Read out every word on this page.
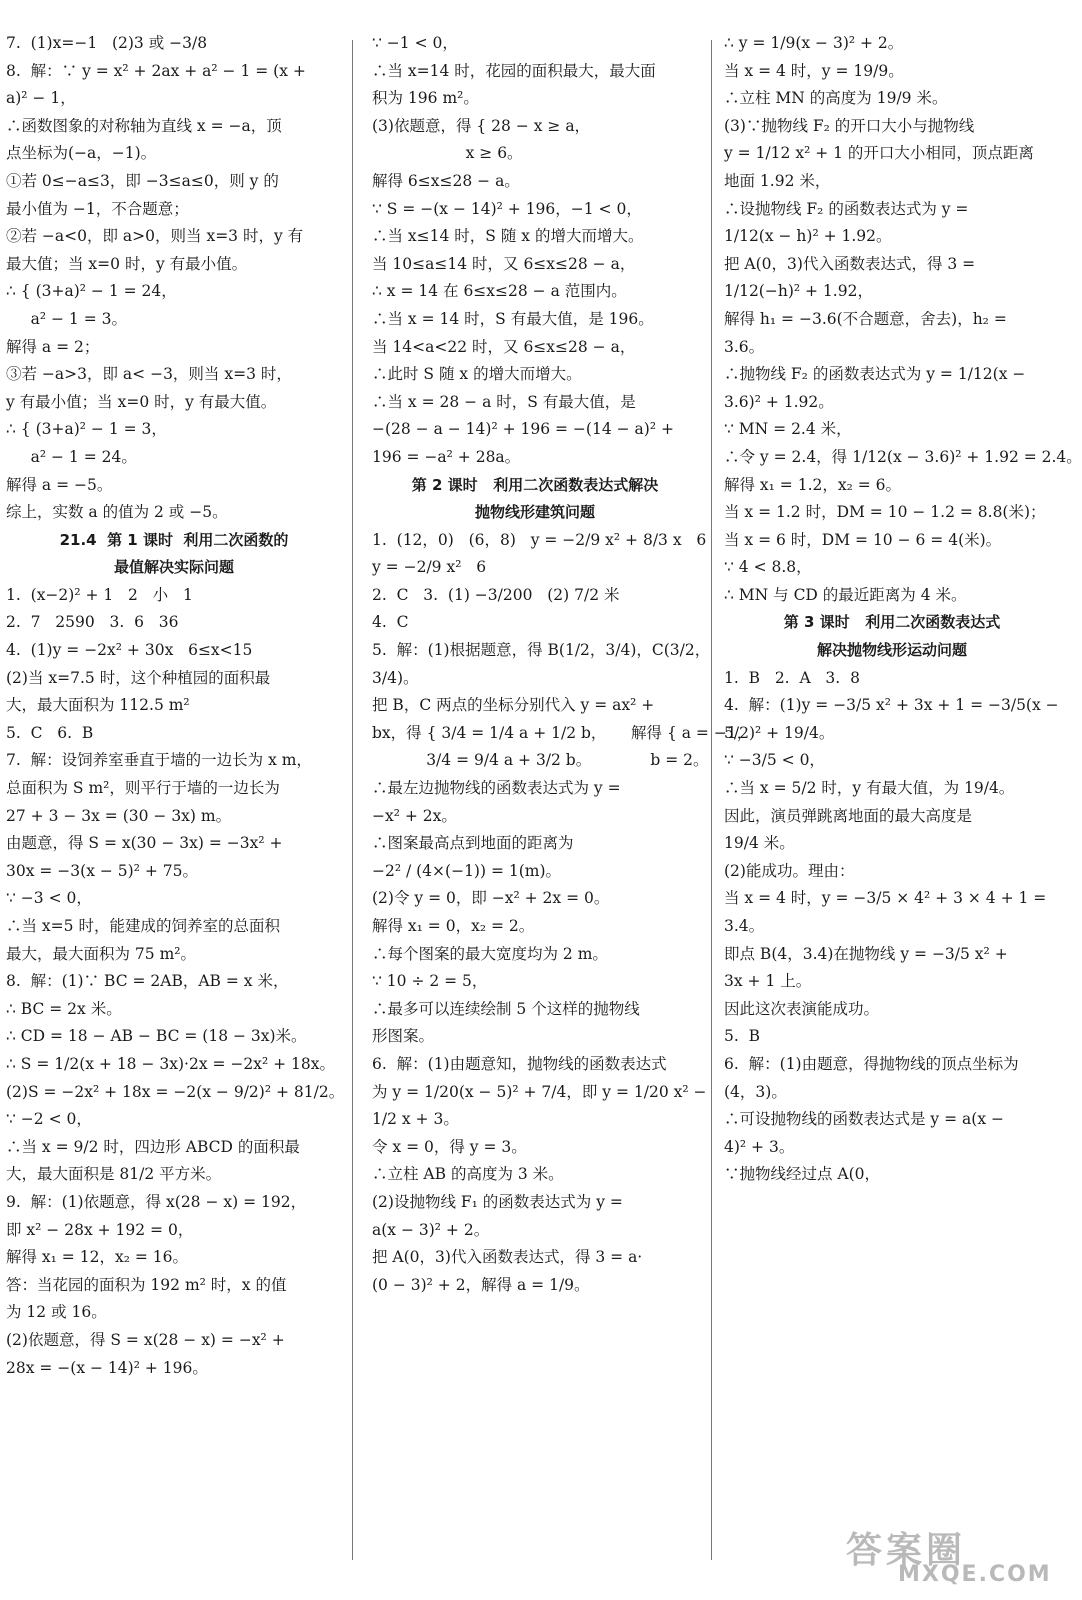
7.  (1)x=−1   (2)3 或 −3/8
8.  解：∵ y = x² + 2ax + a² − 1 = (x +
a)² − 1，
∴函数图象的对称轴为直线 x = −a，顶
点坐标为(−a，−1)。
①若 0≤−a≤3，即 −3≤a≤0，则 y 的
最小值为 −1，不合题意；
②若 −a<0，即 a>0，则当 x=3 时，y 有
最大值；当 x=0 时，y 有最小值。
∴ { (3+a)² − 1 = 24，
a² − 1 = 3。
解得 a = 2；
③若 −a>3，即 a< −3，则当 x=3 时，
y 有最小值；当 x=0 时，y 有最大值。
∴ { (3+a)² − 1 = 3，
a² − 1 = 24。
解得 a = −5。
综上，实数 a 的值为 2 或 −5。
21.4  第 1 课时  利用二次函数的
最值解决实际问题
1.  (x−2)² + 1   2   小   1
2.  7   2590   3.  6   36
4.  (1)y = −2x² + 30x   6≤x<15
(2)当 x=7.5 时，这个种植园的面积最
大，最大面积为 112.5 m²
5.  C   6.  B
7.  解：设饲养室垂直于墙的一边长为 x m，
总面积为 S m²，则平行于墙的一边长为
27 + 3 − 3x = (30 − 3x) m。
由题意，得 S = x(30 − 3x) = −3x² +
30x = −3(x − 5)² + 75。
∵ −3 < 0，
∴当 x=5 时，能建成的饲养室的总面积
最大，最大面积为 75 m²。
8.  解：(1)∵ BC = 2AB，AB = x 米，
∴ BC = 2x 米。
∴ CD = 18 − AB − BC = (18 − 3x)米。
∴ S = 1/2(x + 18 − 3x)·2x = −2x² + 18x。
(2)S = −2x² + 18x = −2(x − 9/2)² + 81/2。
∵ −2 < 0，
∴当 x = 9/2 时，四边形 ABCD 的面积最
大，最大面积是 81/2 平方米。
9.  解：(1)依题意，得 x(28 − x) = 192，
即 x² − 28x + 192 = 0，
解得 x₁ = 12，x₂ = 16。
答：当花园的面积为 192 m² 时，x 的值
为 12 或 16。
(2)依题意，得 S = x(28 − x) = −x² +
28x = −(x − 14)² + 196。
∵ −1 < 0，
∴当 x=14 时，花园的面积最大，最大面
积为 196 m²。
(3)依题意，得 { 28 − x ≥ a，
x ≥ 6。
解得 6≤x≤28 − a。
∵ S = −(x − 14)² + 196，−1 < 0，
∴当 x≤14 时，S 随 x 的增大而增大。
当 10≤a≤14 时，又 6≤x≤28 − a，
∴ x = 14 在 6≤x≤28 − a 范围内。
∴当 x = 14 时，S 有最大值，是 196。
当 14<a<22 时，又 6≤x≤28 − a，
∴此时 S 随 x 的增大而增大。
∴当 x = 28 − a 时，S 有最大值，是
−(28 − a − 14)² + 196 = −(14 − a)² +
196 = −a² + 28a。
第 2 课时   利用二次函数表达式解决
抛物线形建筑问题
1.  (12，0)   (6，8)   y = −2/9 x² + 8/3 x   6
y = −2/9 x²   6
2.  C   3.  (1) −3/200   (2) 7/2 米
4.  C
5.  解：(1)根据题意，得 B(1/2，3/4)，C(3/2，
3/4)。
把 B，C 两点的坐标分别代入 y = ax² +
bx，得 { 3/4 = 1/4 a + 1/2 b，     解得 { a = −1，
3/4 = 9/4 a + 3/2 b。            b = 2。
∴最左边抛物线的函数表达式为 y =
−x² + 2x。
∴图案最高点到地面的距离为
−2² / (4×(−1)) = 1(m)。
(2)令 y = 0，即 −x² + 2x = 0。
解得 x₁ = 0，x₂ = 2。
∴每个图案的最大宽度均为 2 m。
∵ 10 ÷ 2 = 5，
∴最多可以连续绘制 5 个这样的抛物线
形图案。
6.  解：(1)由题意知，抛物线的函数表达式
为 y = 1/20(x − 5)² + 7/4，即 y = 1/20 x² −
1/2 x + 3。
令 x = 0，得 y = 3。
∴立柱 AB 的高度为 3 米。
(2)设抛物线 F₁ 的函数表达式为 y =
a(x − 3)² + 2。
把 A(0，3)代入函数表达式，得 3 = a·
(0 − 3)² + 2，解得 a = 1/9。
∴ y = 1/9(x − 3)² + 2。
当 x = 4 时，y = 19/9。
∴立柱 MN 的高度为 19/9 米。
(3)∵抛物线 F₂ 的开口大小与抛物线
y = 1/12 x² + 1 的开口大小相同，顶点距离
地面 1.92 米，
∴设抛物线 F₂ 的函数表达式为 y =
1/12(x − h)² + 1.92。
把 A(0，3)代入函数表达式，得 3 =
1/12(−h)² + 1.92，
解得 h₁ = −3.6(不合题意，舍去)，h₂ =
3.6。
∴抛物线 F₂ 的函数表达式为 y = 1/12(x −
3.6)² + 1.92。
∵ MN = 2.4 米，
∴令 y = 2.4，得 1/12(x − 3.6)² + 1.92 = 2.4。
解得 x₁ = 1.2，x₂ = 6。
当 x = 1.2 时，DM = 10 − 1.2 = 8.8(米)；
当 x = 6 时，DM = 10 − 6 = 4(米)。
∵ 4 < 8.8，
∴ MN 与 CD 的最近距离为 4 米。
第 3 课时   利用二次函数表达式
解决抛物线形运动问题
1.  B   2.  A   3.  8
4.  解：(1)y = −3/5 x² + 3x + 1 = −3/5(x −
5/2)² + 19/4。
∵ −3/5 < 0，
∴当 x = 5/2 时，y 有最大值，为 19/4。
因此，演员弹跳离地面的最大高度是
19/4 米。
(2)能成功。理由：
当 x = 4 时，y = −3/5 × 4² + 3 × 4 + 1 =
3.4。
即点 B(4，3.4)在抛物线 y = −3/5 x² +
3x + 1 上。
因此这次表演能成功。
5.  B
6.  解：(1)由题意，得抛物线的顶点坐标为
(4，3)。
∴可设抛物线的函数表达式是 y = a(x −
4)² + 3。
∵抛物线经过点 A(0，
答案圈
MXQE.COM
